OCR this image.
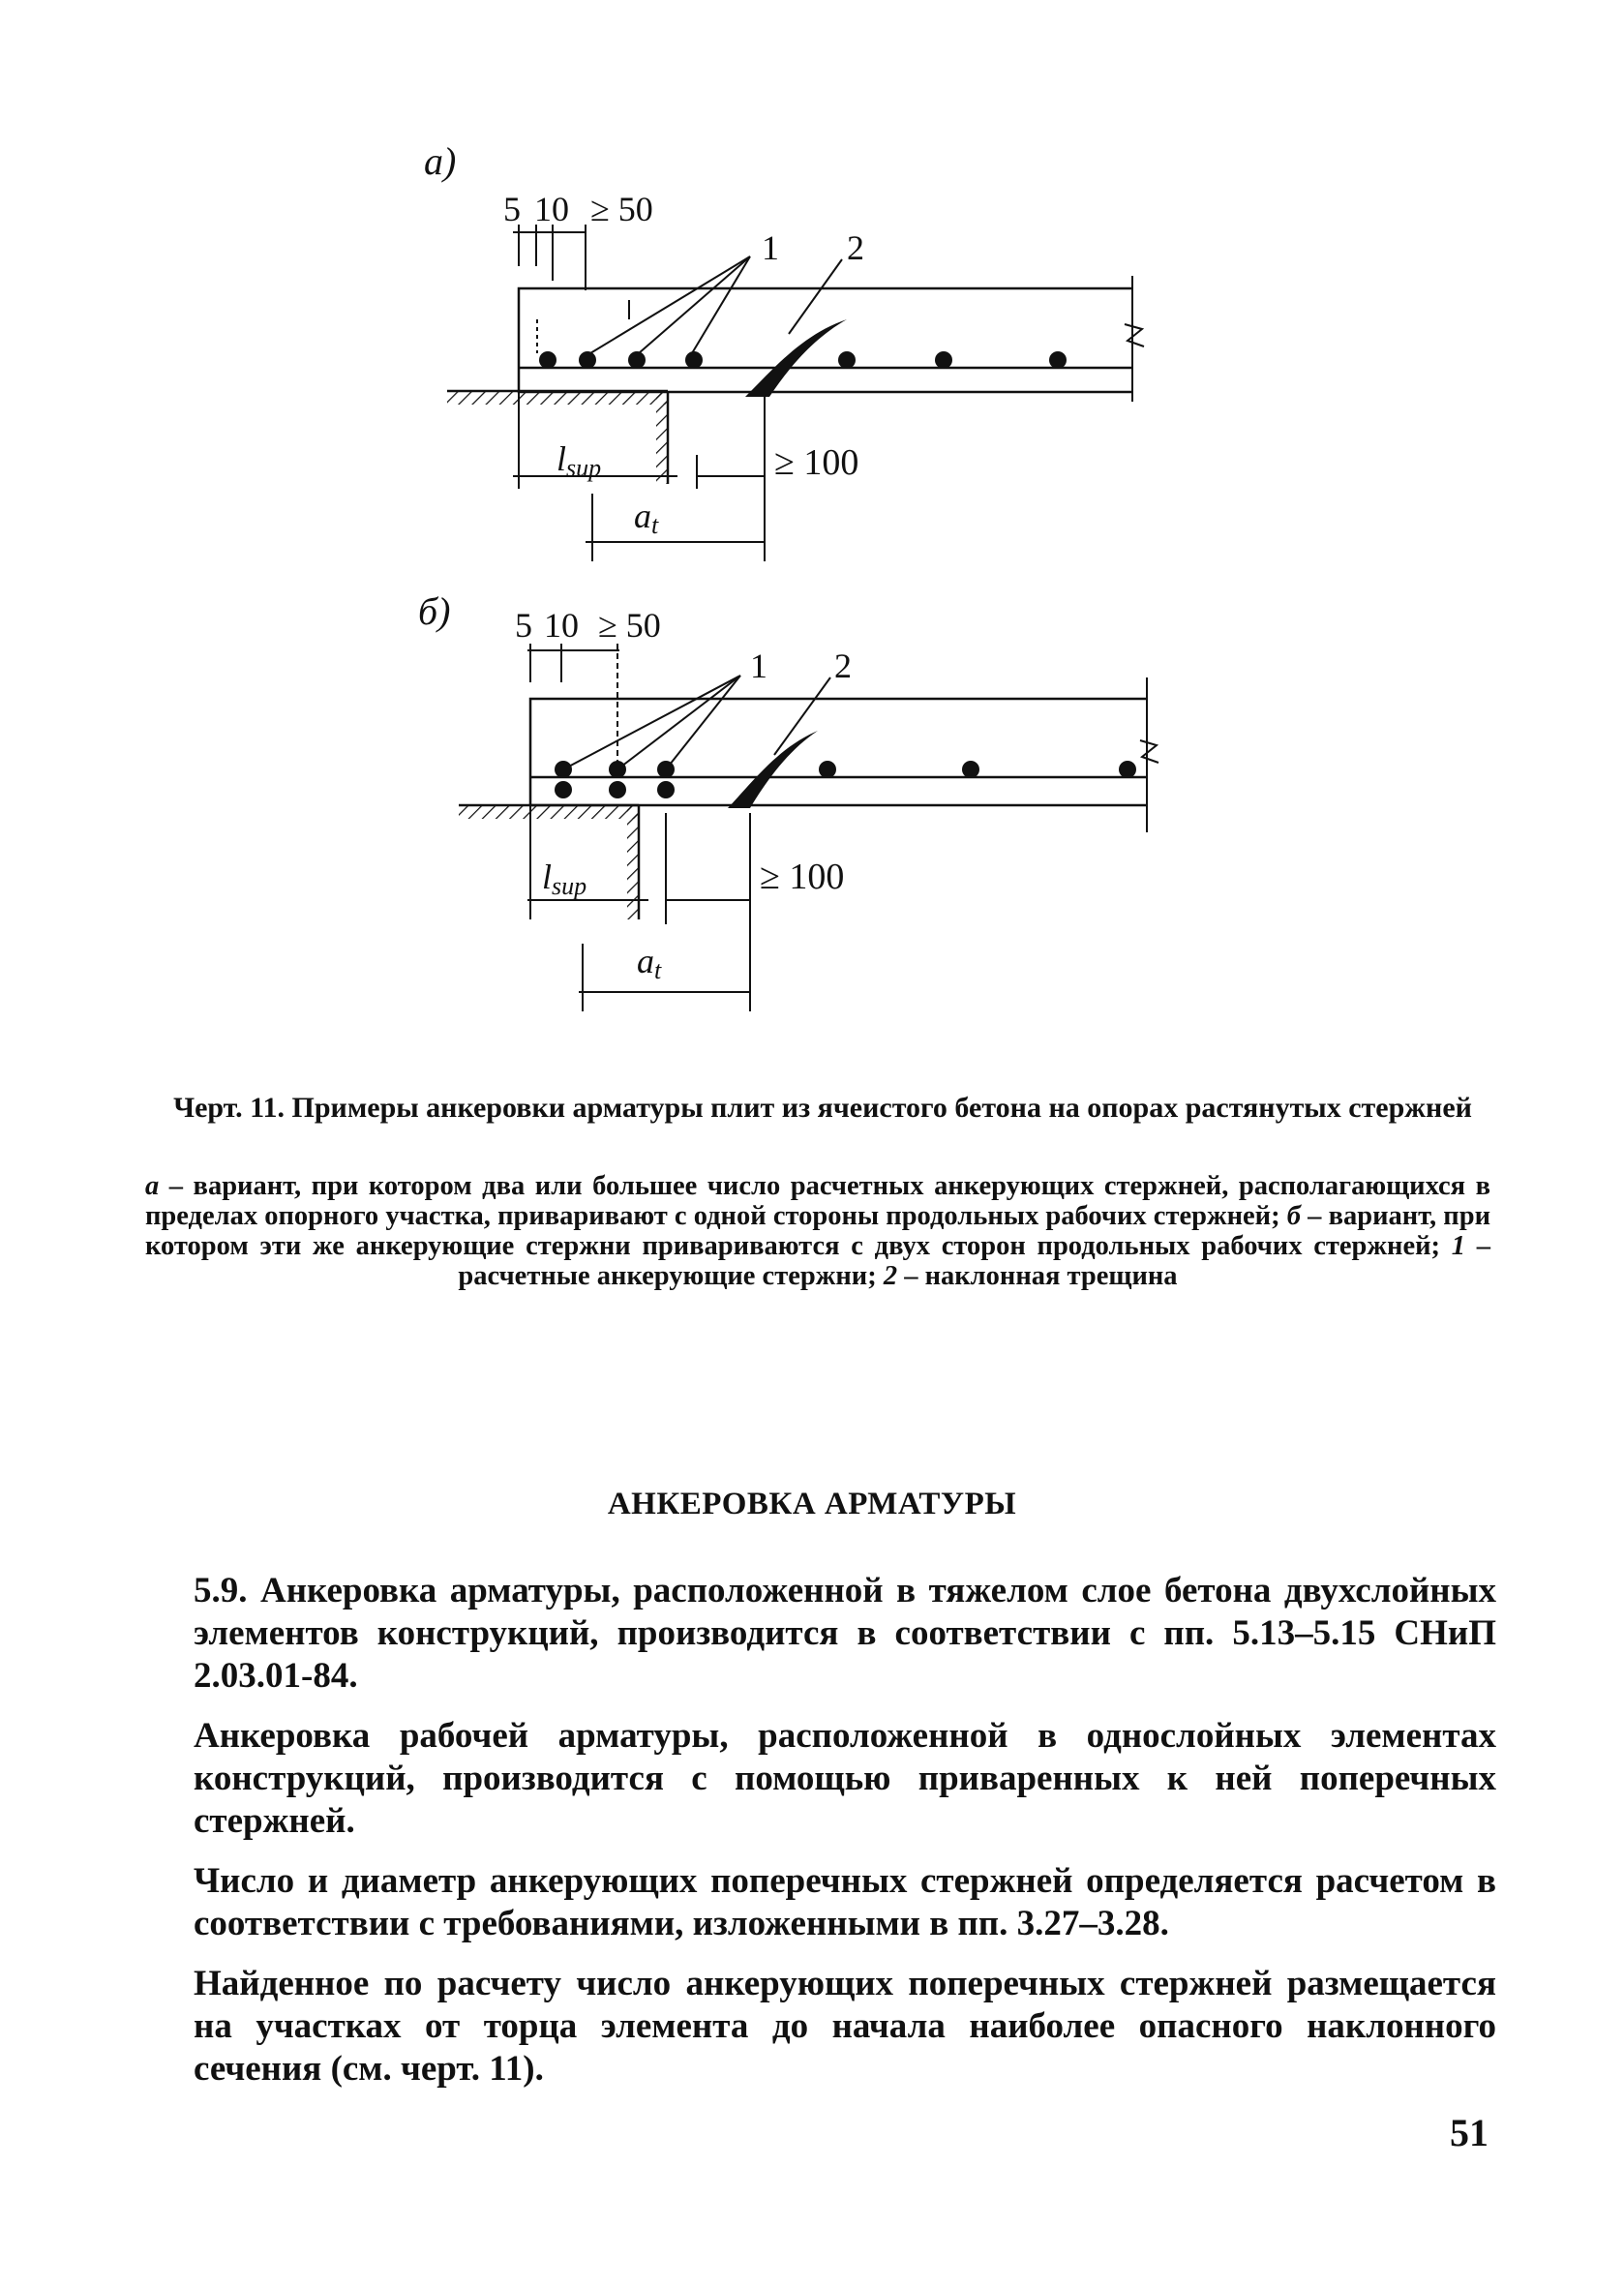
а)
5 10 ≥ 50
1 2
lsup	≥ 100
at
б) 5 10 ≥ 50
1 2
lsup	≥ 100
at
Черт. 11. Примеры анкеровки арматуры плит из ячеистого бетона на опорах растянутых стержней
а – вариант, при котором два или большее число расчетных анкерующих стержней, располагающихся в пределах опорного участка, приваривают с одной стороны продольных рабочих стержней; б – вариант, при котором эти же анкерующие стержни привариваются с двух сторон продольных рабочих стержней; 1 – расчетные анкерующие стержни; 2 – наклонная трещина
АНКЕРОВКА АРМАТУРЫ

5.9. Анкеровка арматуры, расположенной в тяжелом слое бетона двухслойных элементов конструкций, производится в соответствии с пп. 5.13–5.15 СНиП 2.03.01-84.

Анкеровка рабочей арматуры, расположенной в однослойных элементах конструкций, производится с помощью приваренных к ней поперечных стержней.

Число и диаметр анкерующих поперечных стержней определяется расчетом в соответствии с требованиями, изложенными в пп. 3.27–3.28.

Найденное по расчету число анкерующих поперечных стержней размещается на участках от торца элемента до начала наиболее опасного наклонного сечения (см. черт. 11).

51
